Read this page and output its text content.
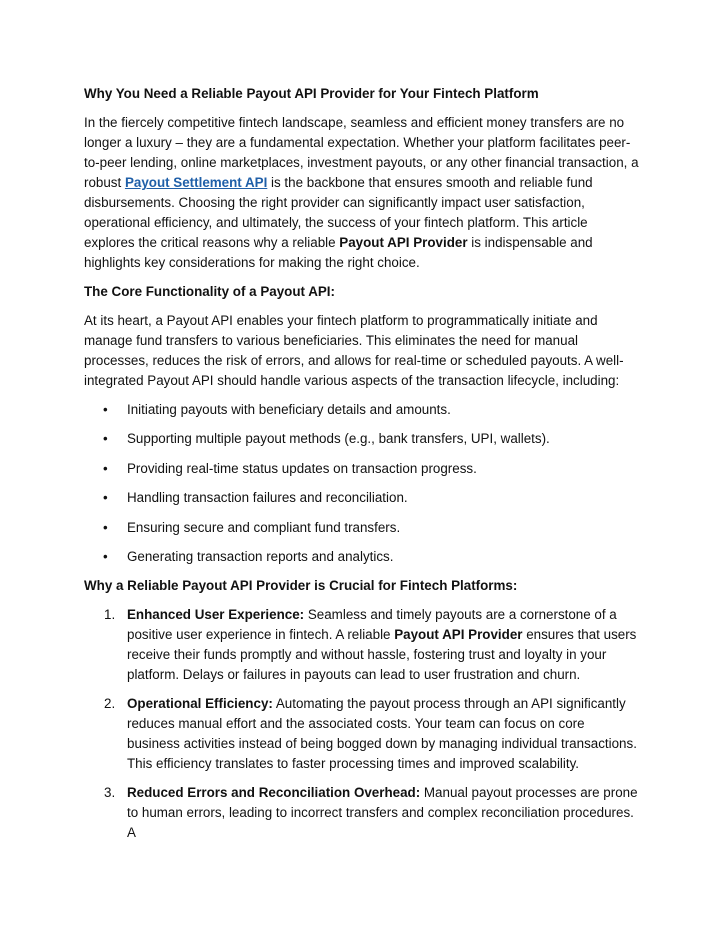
Why You Need a Reliable Payout API Provider for Your Fintech Platform

In the fiercely competitive fintech landscape, seamless and efficient money transfers are no longer a luxury – they are a fundamental expectation. Whether your platform facilitates peer-to-peer lending, online marketplaces, investment payouts, or any other financial transaction, a robust Payout Settlement API is the backbone that ensures smooth and reliable fund disbursements. Choosing the right provider can significantly impact user satisfaction, operational efficiency, and ultimately, the success of your fintech platform. This article explores the critical reasons why a reliable Payout API Provider is indispensable and highlights key considerations for making the right choice.

The Core Functionality of a Payout API:

At its heart, a Payout API enables your fintech platform to programmatically initiate and manage fund transfers to various beneficiaries. This eliminates the need for manual processes, reduces the risk of errors, and allows for real-time or scheduled payouts. A well-integrated Payout API should handle various aspects of the transaction lifecycle, including:

• Initiating payouts with beneficiary details and amounts.
• Supporting multiple payout methods (e.g., bank transfers, UPI, wallets).
• Providing real-time status updates on transaction progress.
• Handling transaction failures and reconciliation.
• Ensuring secure and compliant fund transfers.
• Generating transaction reports and analytics.
Why a Reliable Payout API Provider is Crucial for Fintech Platforms:
1. Enhanced User Experience: Seamless and timely payouts are a cornerstone of a positive user experience in fintech. A reliable Payout API Provider ensures that users receive their funds promptly and without hassle, fostering trust and loyalty in your platform. Delays or failures in payouts can lead to user frustration and churn.
2. Operational Efficiency: Automating the payout process through an API significantly reduces manual effort and the associated costs. Your team can focus on core business activities instead of being bogged down by managing individual transactions. This efficiency translates to faster processing times and improved scalability.
3. Reduced Errors and Reconciliation Overhead: Manual payout processes are prone to human errors, leading to incorrect transfers and complex reconciliation procedures. A
